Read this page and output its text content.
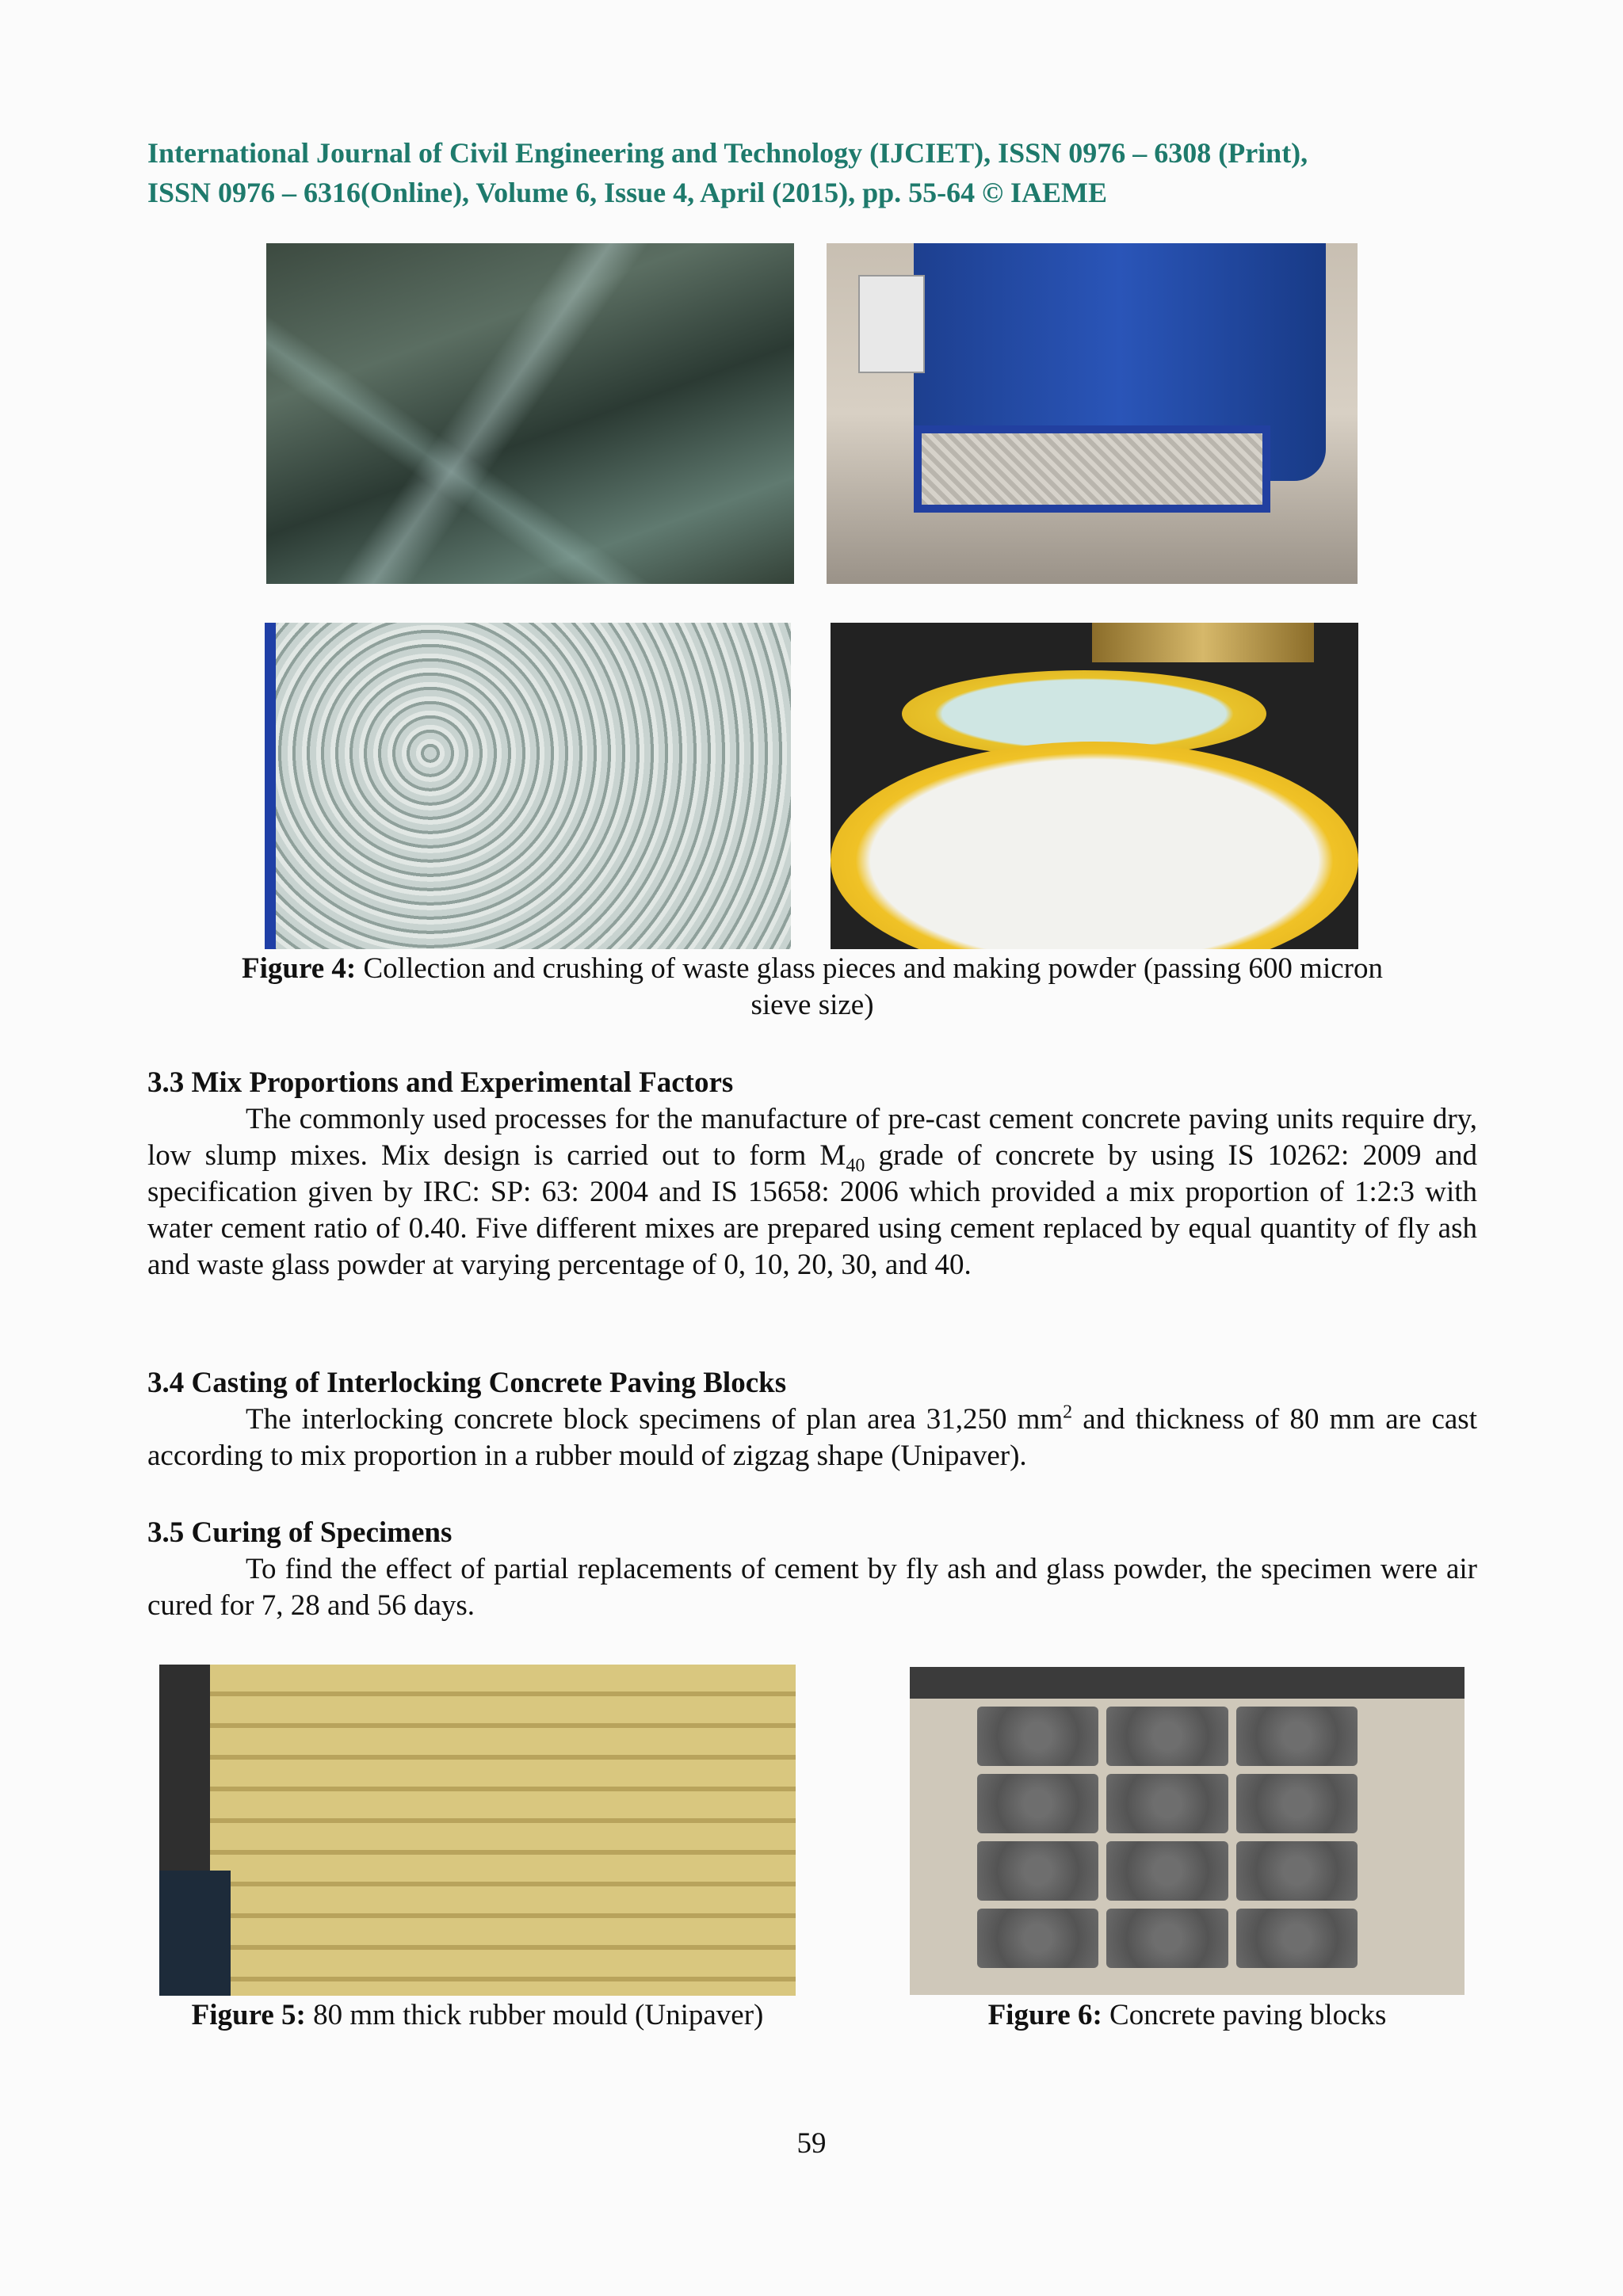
International Journal of Civil Engineering and Technology (IJCIET), ISSN 0976 – 6308 (Print),
ISSN 0976 – 6316(Online), Volume 6, Issue 4, April (2015), pp. 55-64 © IAEME
Figure 4: Collection and crushing of waste glass pieces and making powder (passing 600 micron
sieve size)
3.3 Mix Proportions and Experimental Factors

The commonly used processes for the manufacture of pre-cast cement concrete paving units require dry, low slump mixes. Mix design is carried out to form $M_{40}$ grade of concrete by using IS 10262: 2009 and specification given by IRC: SP: 63: 2004 and IS 15658: 2006 which provided a mix proportion of 1:2:3 with water cement ratio of 0.40. Five different mixes are prepared using cement replaced by equal quantity of fly ash and waste glass powder at varying percentage of 0, 10, 20, 30, and 40.

3.4 Casting of Interlocking Concrete Paving Blocks

The interlocking concrete block specimens of plan area 31,250 $mm^2$ and thickness of 80 mm are cast according to mix proportion in a rubber mould of zigzag shape (Unipaver).

3.5 Curing of Specimens

To find the effect of partial replacements of cement by fly ash and glass powder, the specimen were air cured for 7, 28 and 56 days.

Figure 5: 80 mm thick rubber mould (Unipaver)	Figure 6: Concrete paving blocks
59
